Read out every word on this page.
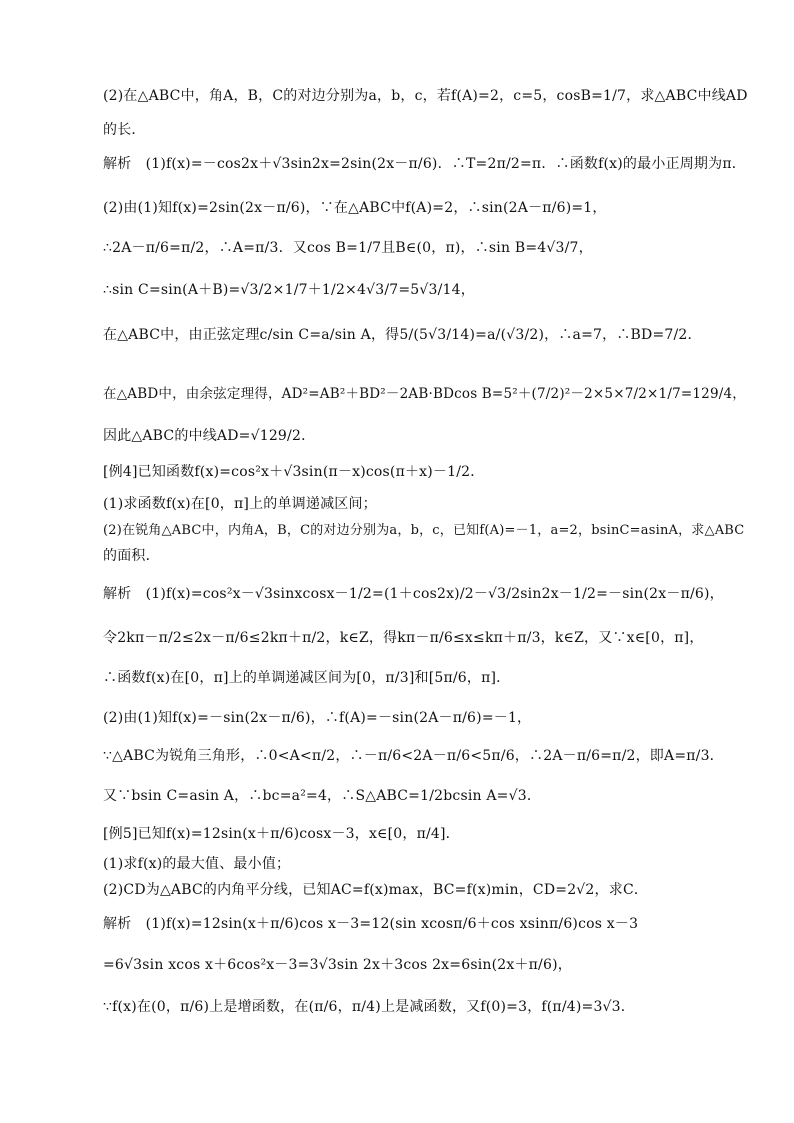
(2)在△ABC中，角A，B，C的对边分别为a，b，c，若f(A)=2，c=5，cosB=1/7，求△ABC中线AD
的长．
解析　(1)f(x)=－cos2x＋√3sin2x=2sin(2x－π/6)．∴T=2π/2=π．∴函数f(x)的最小正周期为π．
(2)由(1)知f(x)=2sin(2x－π/6)，∵在△ABC中f(A)=2，∴sin(2A－π/6)=1，
∴2A－π/6=π/2，∴A=π/3．又cos B=1/7且B∈(0，π)，∴sin B=4√3/7，
∴sin C=sin(A＋B)=√3/2×1/7＋1/2×4√3/7=5√3/14，
在△ABC中，由正弦定理c/sin C=a/sin A，得5/(5√3/14)=a/(√3/2)，∴a=7，∴BD=7/2．
在△ABD中，由余弦定理得，AD²=AB²＋BD²－2AB·BDcos B=5²＋(7/2)²－2×5×7/2×1/7=129/4，
因此△ABC的中线AD=√129/2．
[例4]已知函数f(x)=cos²x＋√3sin(π－x)cos(π＋x)－1/2．
(1)求函数f(x)在[0，π]上的单调递减区间；
(2)在锐角△ABC中，内角A，B，C的对边分别为a，b，c，已知f(A)=－1，a=2，bsinC=asinA，求△ABC
的面积．
解析　(1)f(x)=cos²x－√3sinxcosx－1/2=(1＋cos2x)/2－√3/2sin2x－1/2=－sin(2x－π/6)，
令2kπ－π/2≤2x－π/6≤2kπ＋π/2，k∈Z，得kπ－π/6≤x≤kπ＋π/3，k∈Z，又∵x∈[0，π]，
∴函数f(x)在[0，π]上的单调递减区间为[0，π/3]和[5π/6，π]．
(2)由(1)知f(x)=－sin(2x－π/6)，∴f(A)=－sin(2A－π/6)=－1，
∵△ABC为锐角三角形，∴0<A<π/2，∴－π/6<2A－π/6<5π/6，∴2A－π/6=π/2，即A=π/3．
又∵bsin C=asin A，∴bc=a²=4，∴S△ABC=1/2bcsin A=√3．
[例5]已知f(x)=12sin(x＋π/6)cosx－3，x∈[0，π/4]．
(1)求f(x)的最大值、最小值；
(2)CD为△ABC的内角平分线，已知AC=f(x)max，BC=f(x)min，CD=2√2，求C．
解析　(1)f(x)=12sin(x＋π/6)cos x－3=12(sin xcosπ/6＋cos xsinπ/6)cos x－3
=6√3sin xcos x＋6cos²x－3=3√3sin 2x＋3cos 2x=6sin(2x＋π/6)，
∵f(x)在(0，π/6)上是增函数，在(π/6，π/4)上是减函数，又f(0)=3，f(π/4)=3√3．
